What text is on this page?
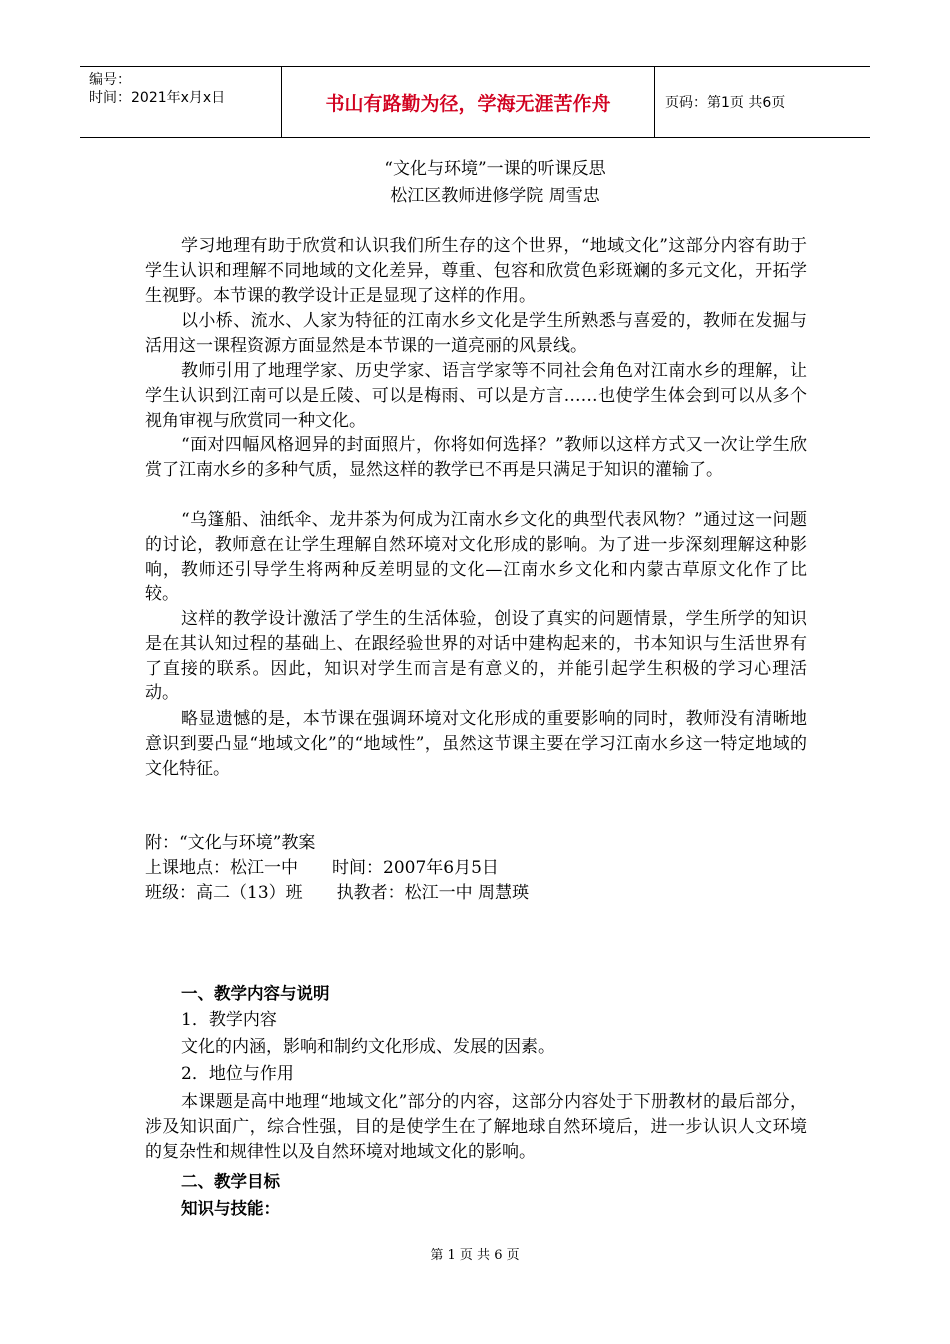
编号：
时间：2021年x月x日	书山有路勤为径，学海无涯苦作舟	页码：第1页 共6页
“文化与环境”一课的听课反思
松江区教师进修学院 周雪忠

学习地理有助于欣赏和认识我们所生存的这个世界，“地域文化”这部分内容有助于学生认识和理解不同地域的文化差异，尊重、包容和欣赏色彩斑斓的多元文化，开拓学生视野。本节课的教学设计正是显现了这样的作用。

以小桥、流水、人家为特征的江南水乡文化是学生所熟悉与喜爱的，教师在发掘与活用这一课程资源方面显然是本节课的一道亮丽的风景线。

教师引用了地理学家、历史学家、语言学家等不同社会角色对江南水乡的理解，让学生认识到江南可以是丘陵、可以是梅雨、可以是方言……也使学生体会到可以从多个视角审视与欣赏同一种文化。

“面对四幅风格迥异的封面照片，你将如何选择？”教师以这样方式又一次让学生欣赏了江南水乡的多种气质，显然这样的教学已不再是只满足于知识的灌输了。

“乌篷船、油纸伞、龙井茶为何成为江南水乡文化的典型代表风物？”通过这一问题的讨论，教师意在让学生理解自然环境对文化形成的影响。为了进一步深刻理解这种影响，教师还引导学生将两种反差明显的文化—江南水乡文化和内蒙古草原文化作了比较。

这样的教学设计激活了学生的生活体验，创设了真实的问题情景，学生所学的知识是在其认知过程的基础上、在跟经验世界的对话中建构起来的，书本知识与生活世界有了直接的联系。因此，知识对学生而言是有意义的，并能引起学生积极的学习心理活动。

略显遗憾的是，本节课在强调环境对文化形成的重要影响的同时，教师没有清晰地意识到要凸显“地域文化”的“地域性”，虽然这节课主要在学习江南水乡这一特定地域的文化特征。

附：“文化与环境”教案
上课地点：松江一中 时间：2007年6月5日
班级：高二（13）班 执教者：松江一中 周慧瑛
一、教学内容与说明
1．教学内容
文化的内涵，影响和制约文化形成、发展的因素。
2．地位与作用

本课题是高中地理“地域文化”部分的内容，这部分内容处于下册教材的最后部分，涉及知识面广，综合性强，目的是使学生在了解地球自然环境后，进一步认识人文环境的复杂性和规律性以及自然环境对地域文化的影响。

二、教学目标
知识与技能：
第 1 页 共 6 页
